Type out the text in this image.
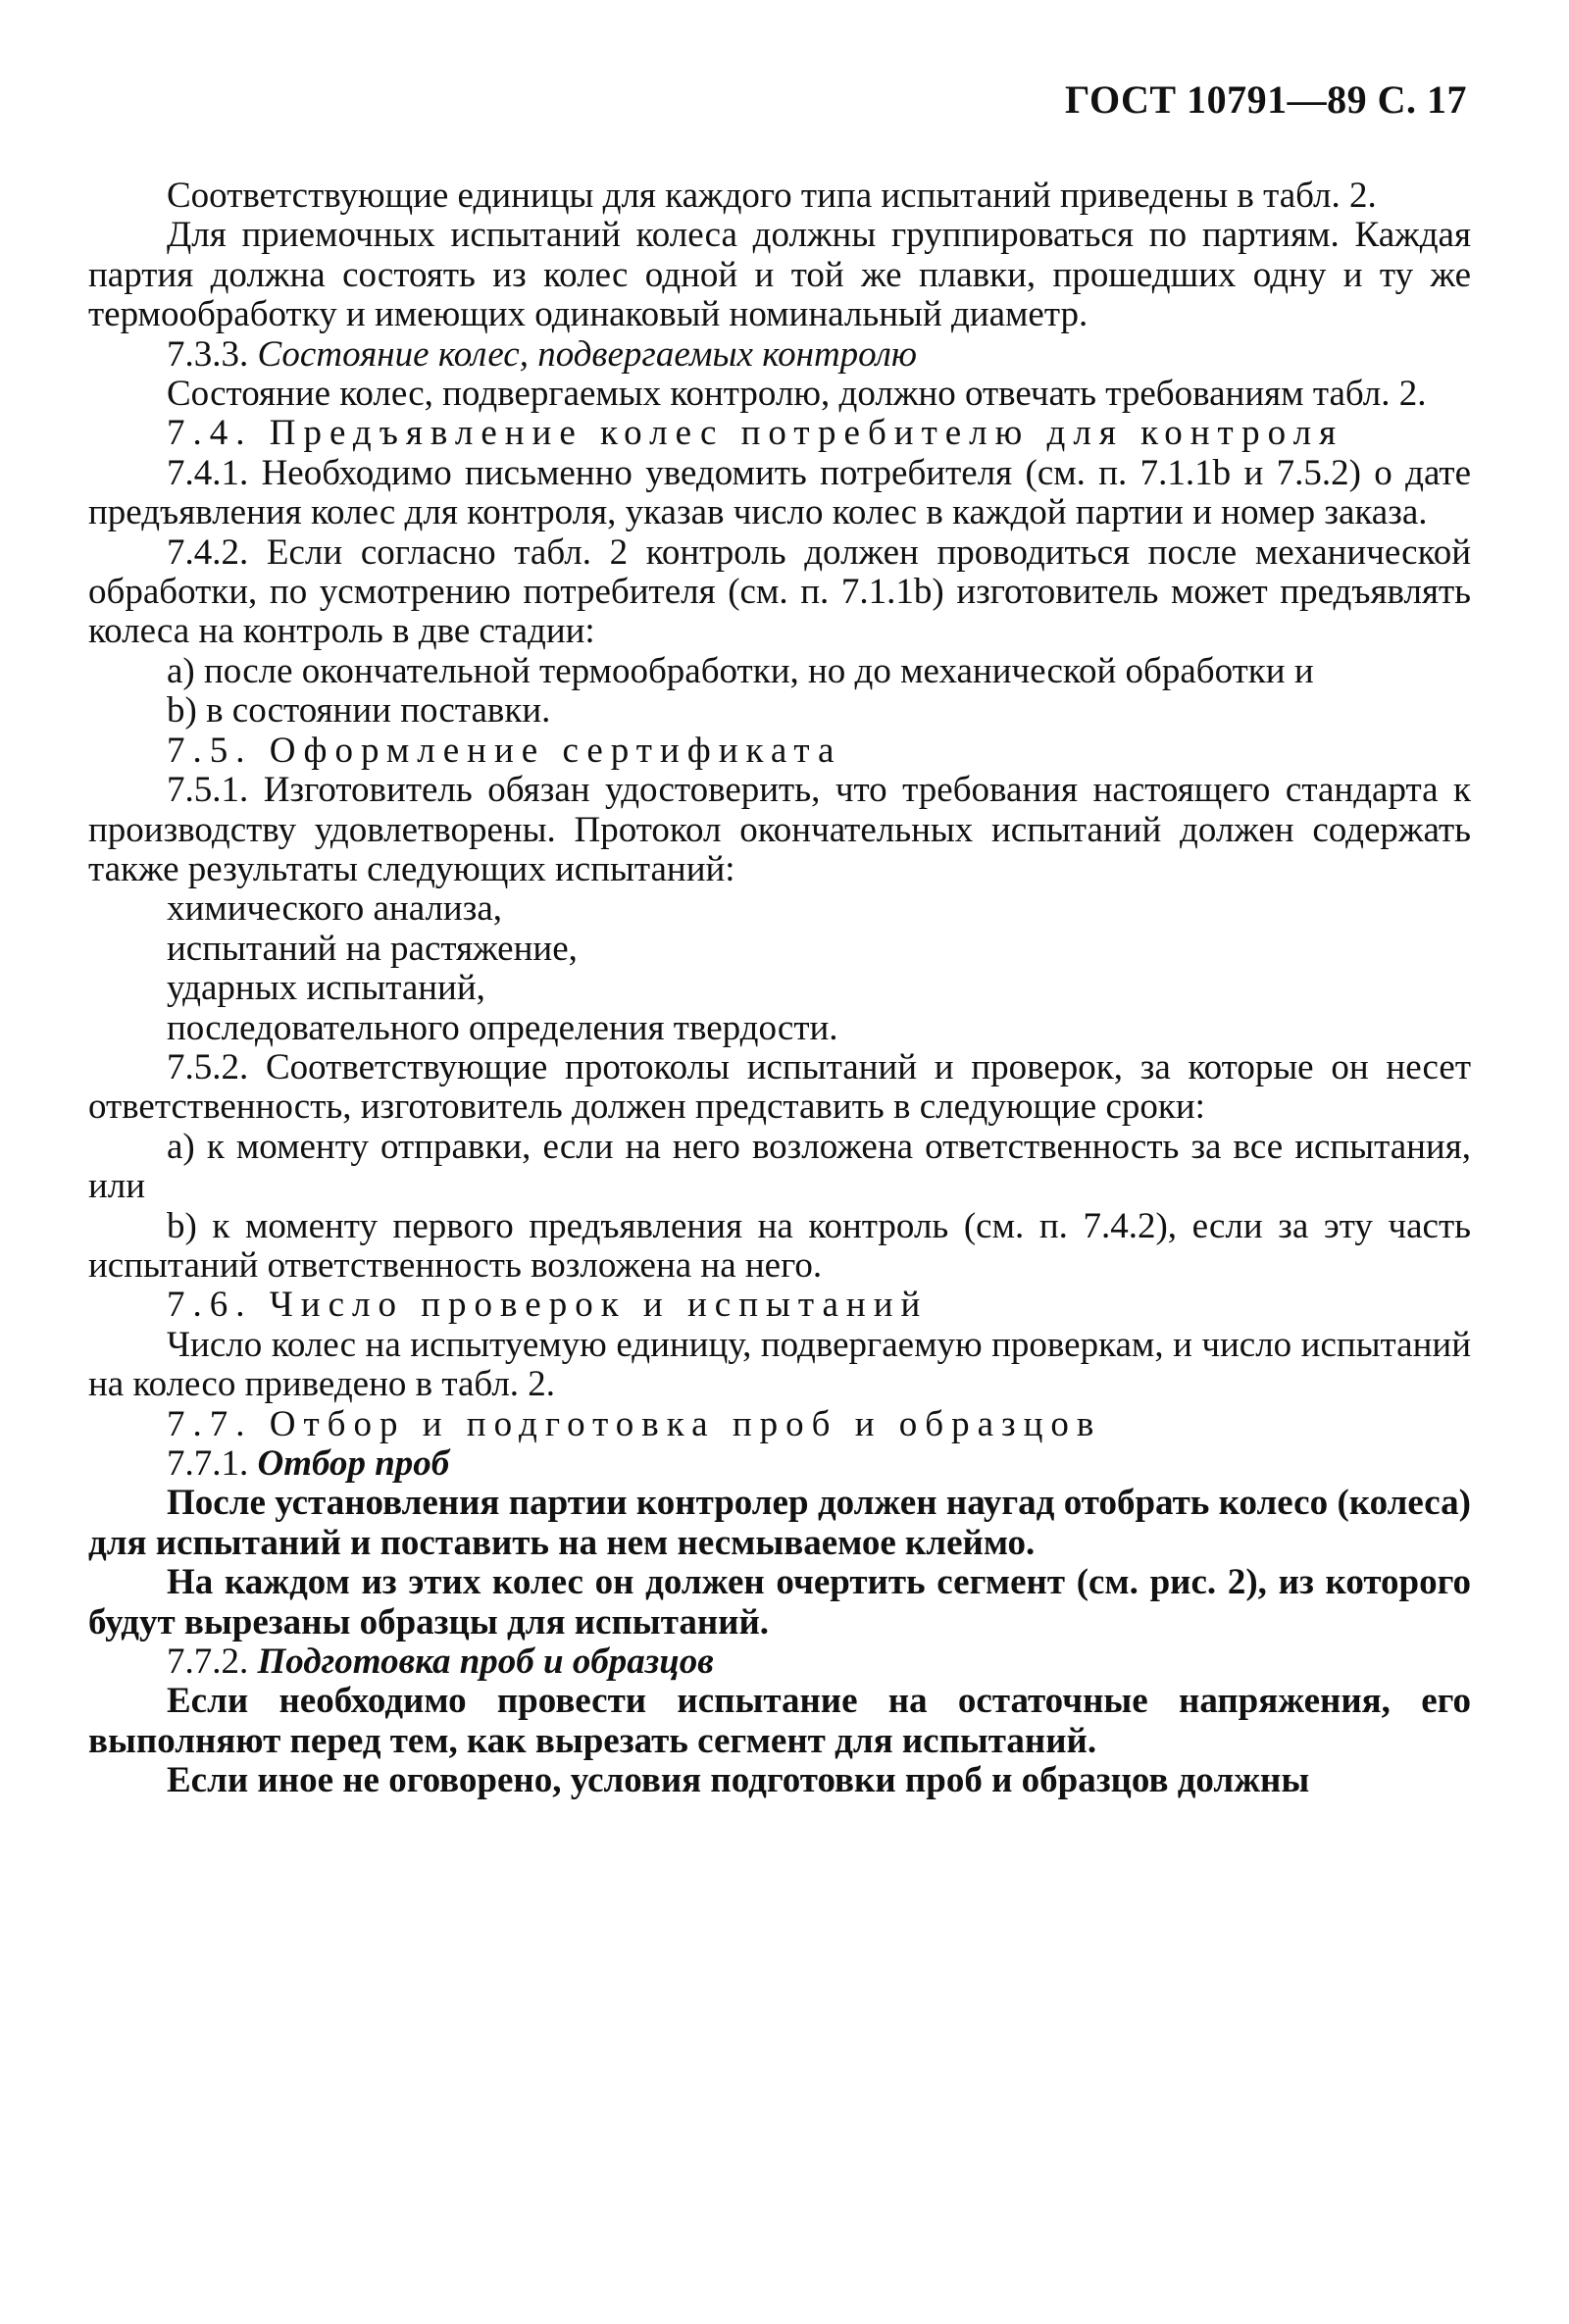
ГОСТ 10791—89 С. 17

Соответствующие единицы для каждого типа испытаний приведены в табл. 2.

Для приемочных испытаний колеса должны группироваться по партиям. Каждая партия должна состоять из колес одной и той же плавки, прошедших одну и ту же термообработку и имеющих одинаковый номинальный диаметр.

7.3.3. Состояние колес, подвергаемых контролю

Состояние колес, подвергаемых контролю, должно отвечать требованиям табл. 2.

7.4. Предъявление колес потребителю для контроля

7.4.1. Необходимо письменно уведомить потребителя (см. п. 7.1.1b и 7.5.2) о дате предъявления колес для контроля, указав число колес в каждой партии и номер заказа.

7.4.2. Если согласно табл. 2 контроль должен проводиться после механической обработки, по усмотрению потребителя (см. п. 7.1.1b) изготовитель может предъявлять колеса на контроль в две стадии:

a) после окончательной термообработки, но до механической обработки и

b) в состоянии поставки.

7.5. Оформление сертификата

7.5.1. Изготовитель обязан удостоверить, что требования настоящего стандарта к производству удовлетворены. Протокол окончательных испытаний должен содержать также результаты следующих испытаний:

химического анализа,

испытаний на растяжение,

ударных испытаний,

последовательного определения твердости.

7.5.2. Соответствующие протоколы испытаний и проверок, за которые он несет ответственность, изготовитель должен представить в следующие сроки:

a) к моменту отправки, если на него возложена ответственность за все испытания, или

b) к моменту первого предъявления на контроль (см. п. 7.4.2), если за эту часть испытаний ответственность возложена на него.

7.6. Число проверок и испытаний

Число колес на испытуемую единицу, подвергаемую проверкам, и число испытаний на колесо приведено в табл. 2.

7.7. Отбор и подготовка проб и образцов

7.7.1. Отбор проб

После установления партии контролер должен наугад отобрать колесо (колеса) для испытаний и поставить на нем несмываемое клеймо.

На каждом из этих колес он должен очертить сегмент (см. рис. 2), из которого будут вырезаны образцы для испытаний.

7.7.2. Подготовка проб и образцов

Если необходимо провести испытание на остаточные напряжения, его выполняют перед тем, как вырезать сегмент для испытаний.

Если иное не оговорено, условия подготовки проб и образцов должны
